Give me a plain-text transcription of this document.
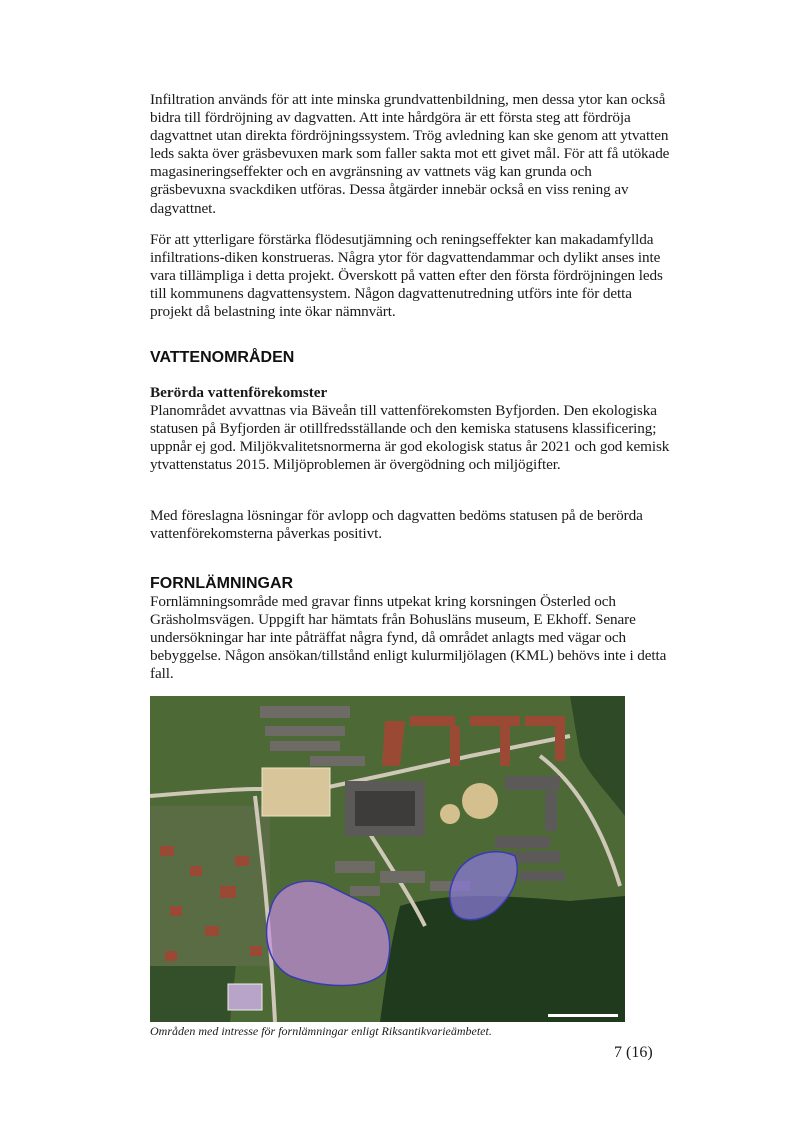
Infiltration används för att inte minska grundvattenbildning, men dessa ytor kan också bidra till fördröjning av dagvatten. Att inte hårdgöra är ett första steg att fördröja dagvattnet utan direkta fördröjningssystem. Trög avledning kan ske genom att ytvatten leds sakta över gräsbevuxen mark som faller sakta mot ett givet mål. För att få utökade magasineringseffekter och en avgränsning av vattnets väg kan grunda och gräsbevuxna svackdiken utföras. Dessa åtgärder innebär också en viss rening av dagvattnet.

För att ytterligare förstärka flödesutjämning och reningseffekter kan makadamfyllda infiltrations-diken konstrueras. Några ytor för dagvattendammar och dylikt anses inte vara tillämpliga i detta projekt. Överskott på vatten efter den första fördröjningen leds till kommunens dagvattensystem. Någon dagvattenutredning utförs inte för detta projekt då belastning inte ökar nämnvärt.

VATTENOMRÅDEN
Berörda vattenförekomster

Planområdet avvattnas via Bäveån till vattenförekomsten Byfjorden. Den ekologiska statusen på Byfjorden är otillfredsställande och den kemiska statusens klassificering; uppnår ej god. Miljökvalitetsnormerna är god ekologisk status år 2021 och god kemisk ytvattenstatus 2015. Miljöproblemen är övergödning och miljögifter.

Med föreslagna lösningar för avlopp och dagvatten bedöms statusen på de berörda vattenförekomsterna påverkas positivt.

FORNLÄMNINGAR

Fornlämningsområde med gravar finns utpekat kring korsningen Österled och Gräsholmsvägen. Uppgift har hämtats från Bohusläns museum, E Ekhoff. Senare undersökningar har inte påträffat några fynd, då området anlagts med vägar och bebyggelse. Någon ansökan/tillstånd enligt kulurmiljölagen (KML) behövs inte i detta fall.

Områden med intresse för fornlämningar enligt Riksantikvarieämbetet.

7 (16)
